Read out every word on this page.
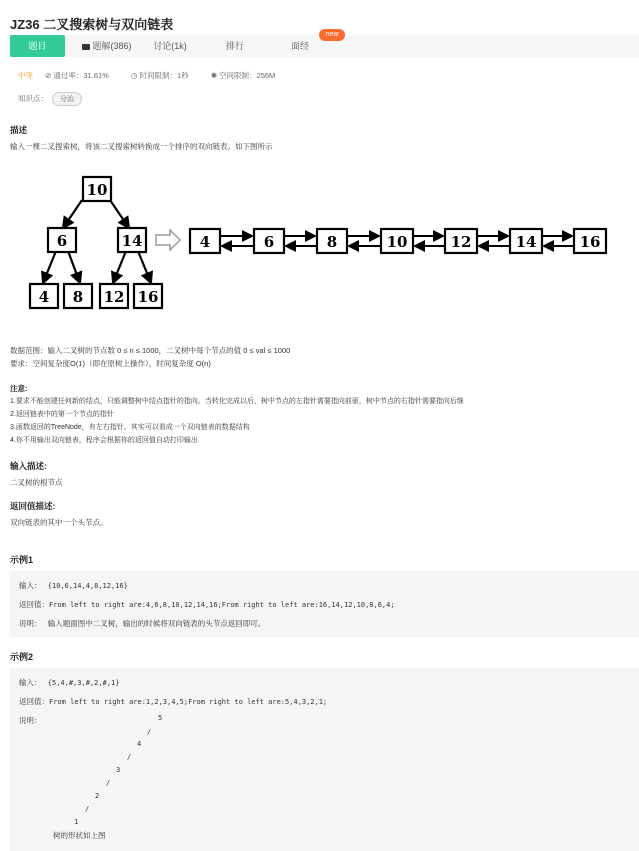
JZ36 二叉搜索树与双向链表
题目	题解(386)	讨论(1k)	排行	面经
new
中等 ⊘ 通过率：31.61%	◷ 时间限制：1秒	✺ 空间限制：256M
知识点： 分治
描述
输入一棵二叉搜索树，将该二叉搜索树转换成一个排序的双向链表。如下图所示
10
6	14
4 8 12 16
4	6	8	10	12	14	16
数据范围：输入二叉树的节点数 0 ≤ n ≤ 1000，二叉树中每个节点的值 0 ≤ val ≤ 1000
要求：空间复杂度O(1)（即在原树上操作），时间复杂度 O(n)
注意:
1.要求不能创建任何新的结点，只能调整树中结点指针的指向。当转化完成以后，树中节点的左指针需要指向前驱，树中节点的右指针需要指向后继
2.返回链表中的第一个节点的指针
3.函数返回的TreeNode，有左右指针，其实可以看成一个双向链表的数据结构
4.你不用输出双向链表，程序会根据你的返回值自动打印输出
输入描述:
二叉树的根节点
返回值描述:
双向链表的其中一个头节点。
示例1
输入： {10,6,14,4,8,12,16}
返回值：From left to right are:4,6,8,10,12,14,16;From right to left are:16,14,12,10,8,6,4;
说明： 输入题面图中二叉树，输出的时候将双向链表的头节点返回即可。
示例2
输入： {5,4,#,3,#,2,#,1}
返回值：From left to right are:1,2,3,4,5;From right to left are:5,4,3,2,1;
说明：	5
/
4
/
3
/
2
/
1
树的形状如上图
